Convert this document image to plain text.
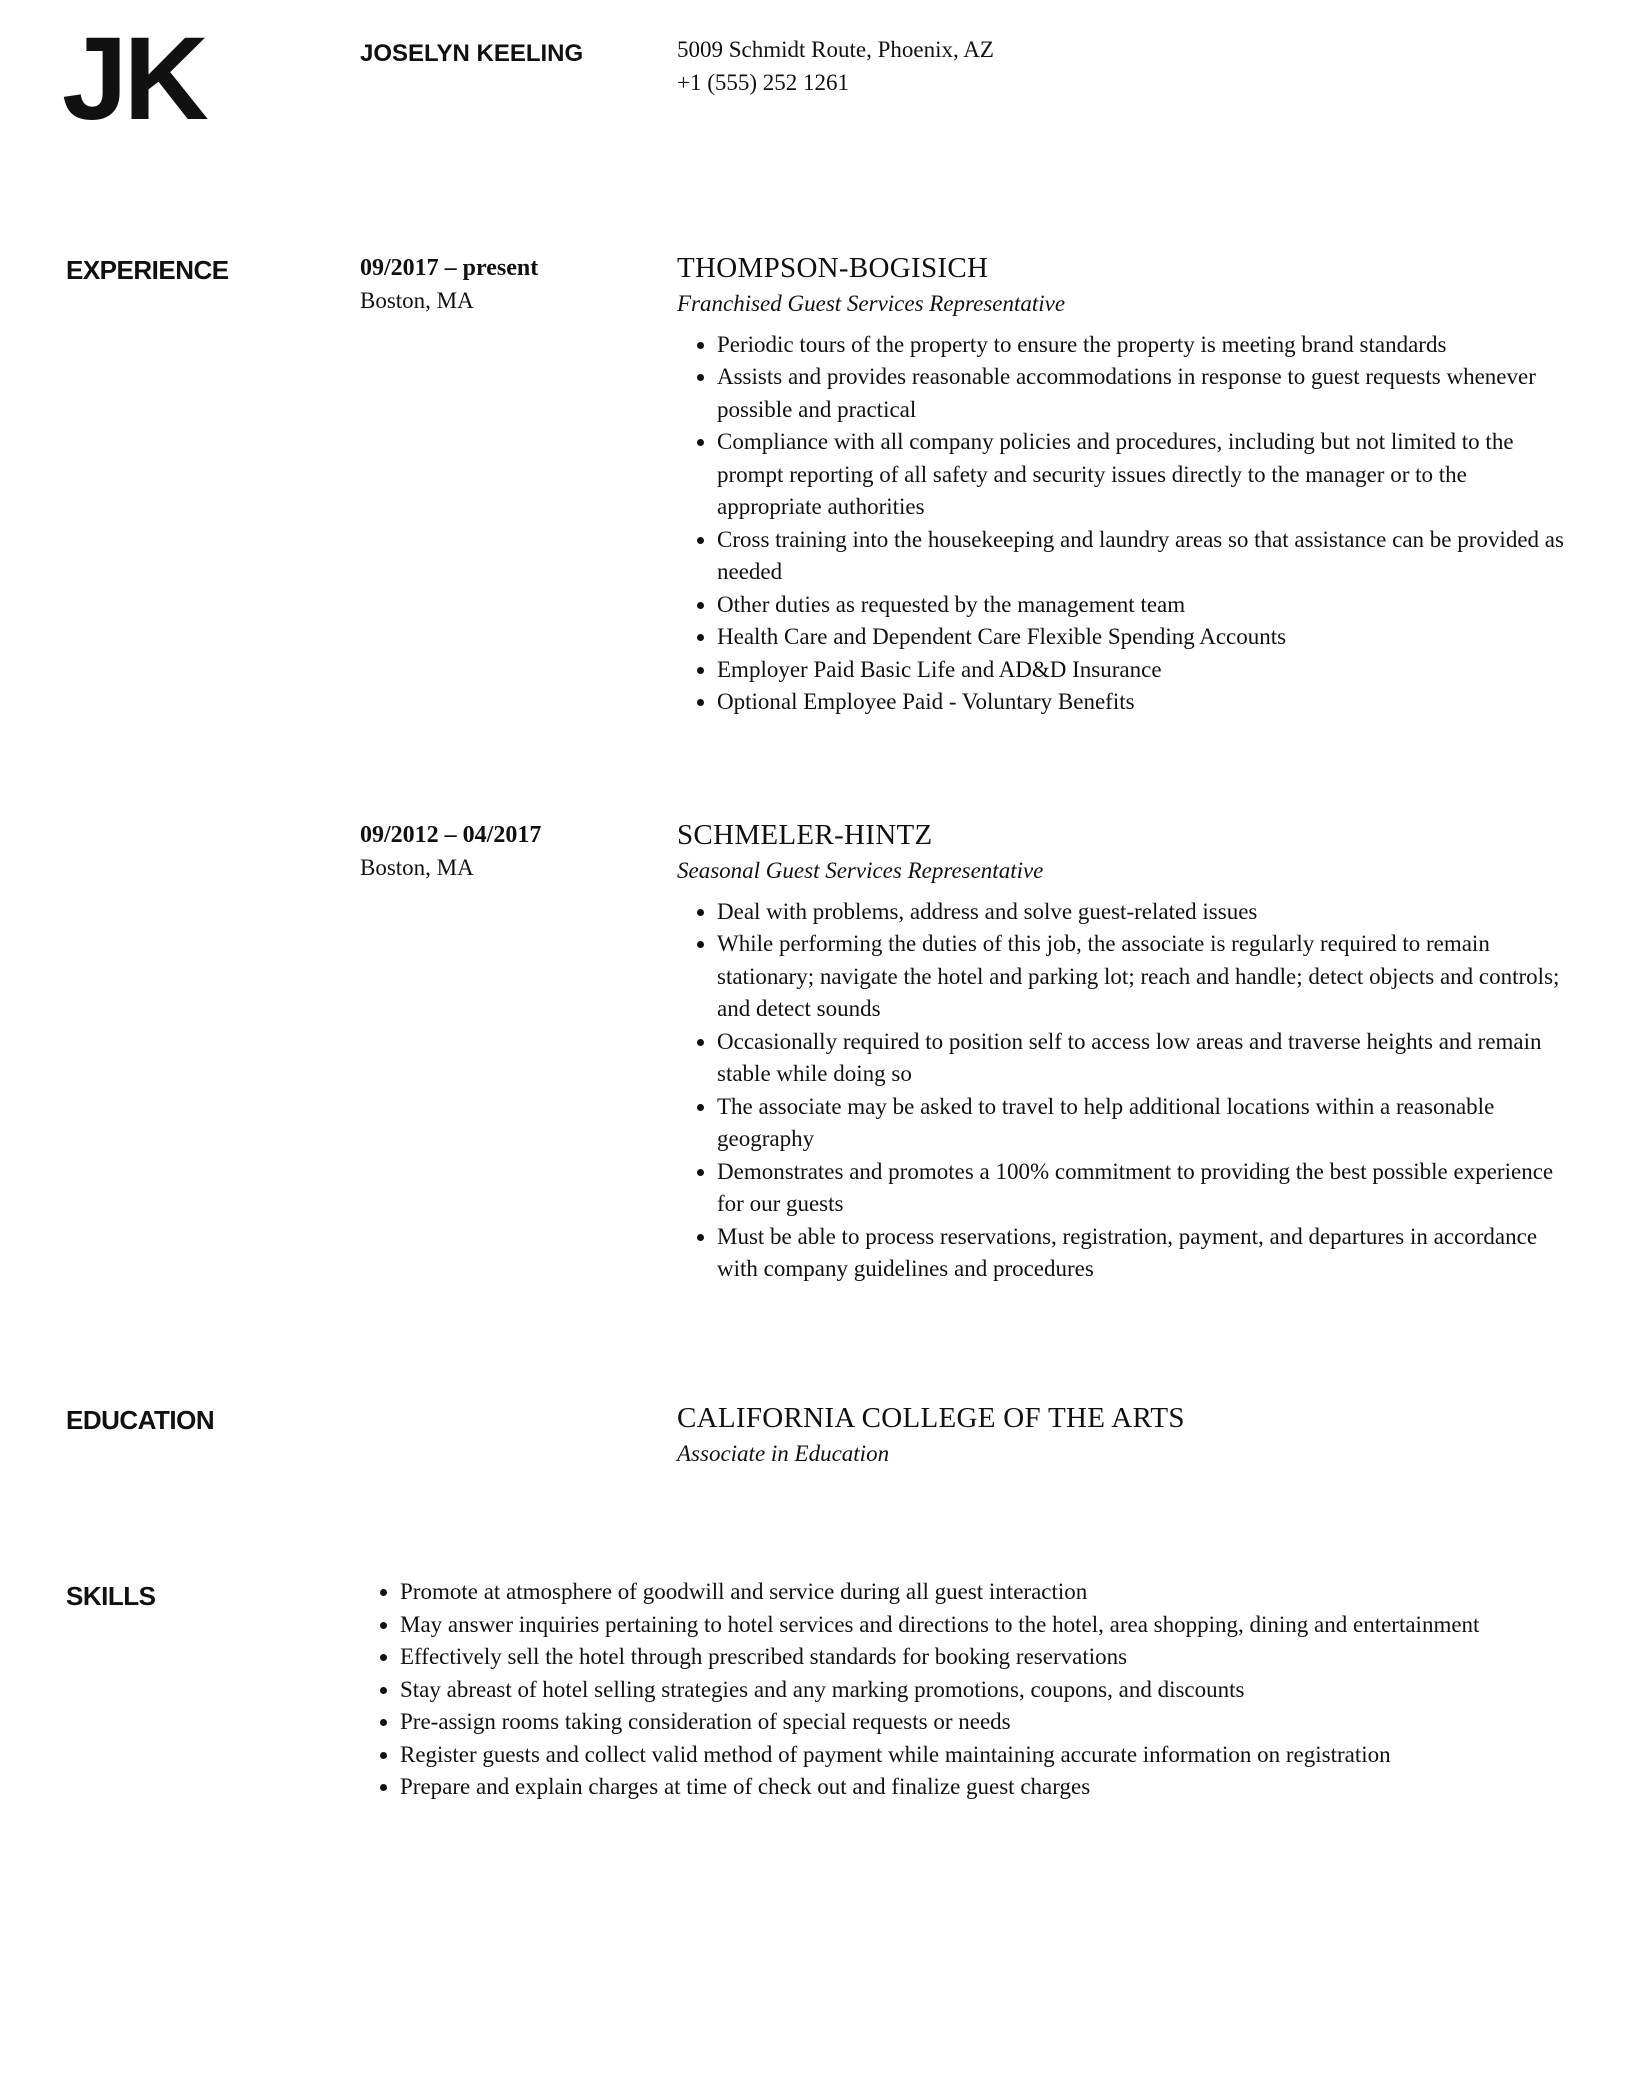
JK	JOSELYN KEELING	5009 Schmidt Route, Phoenix, AZ
+1 (555) 252 1261
EXPERIENCE	09/2017 – present
Boston, MA
THOMPSON-BOGISICH
Franchised Guest Services Representative
• Periodic tours of the property to ensure the property is meeting brand standards
• Assists and provides reasonable accommodations in response to guest requests whenever possible and practical
• Compliance with all company policies and procedures, including but not limited to the prompt reporting of all safety and security issues directly to the manager or to the appropriate authorities
• Cross training into the housekeeping and laundry areas so that assistance can be provided as needed
• Other duties as requested by the management team
• Health Care and Dependent Care Flexible Spending Accounts
• Employer Paid Basic Life and AD&D Insurance
• Optional Employee Paid - Voluntary Benefits
09/2012 – 04/2017
Boston, MA
SCHMELER-HINTZ
Seasonal Guest Services Representative
• Deal with problems, address and solve guest-related issues
• While performing the duties of this job, the associate is regularly required to remain stationary; navigate the hotel and parking lot; reach and handle; detect objects and controls; and detect sounds
• Occasionally required to position self to access low areas and traverse heights and remain stable while doing so
• The associate may be asked to travel to help additional locations within a reasonable geography
• Demonstrates and promotes a 100% commitment to providing the best possible experience for our guests
• Must be able to process reservations, registration, payment, and departures in accordance with company guidelines and procedures
EDUCATION	CALIFORNIA COLLEGE OF THE ARTS
Associate in Education
SKILLS	• Promote at atmosphere of goodwill and service during all guest interaction
• May answer inquiries pertaining to hotel services and directions to the hotel, area shopping, dining and entertainment
• Effectively sell the hotel through prescribed standards for booking reservations
• Stay abreast of hotel selling strategies and any marking promotions, coupons, and discounts
• Pre-assign rooms taking consideration of special requests or needs
• Register guests and collect valid method of payment while maintaining accurate information on registration
• Prepare and explain charges at time of check out and finalize guest charges
